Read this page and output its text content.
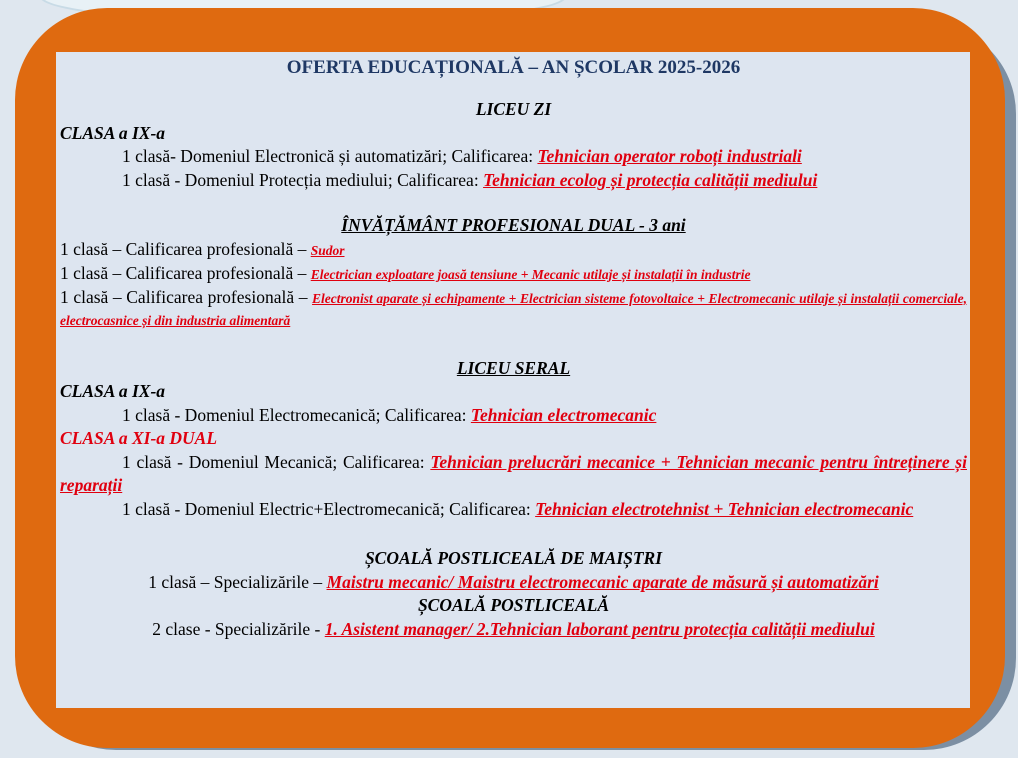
OFERTA EDUCAȚIONALĂ – AN ȘCOLAR 2025-2026
LICEU ZI
CLASA a IX-a
1 clasă- Domeniul Electronică și automatizări; Calificarea: Tehnician operator roboți industriali
1 clasă - Domeniul Protecția mediului; Calificarea: Tehnician ecolog și protecția calității mediului
ÎNVĂȚĂMÂNT PROFESIONAL DUAL - 3 ani
1 clasă – Calificarea profesională – Sudor
1 clasă – Calificarea profesională – Electrician exploatare joasă tensiune + Mecanic utilaje și instalații în industrie
1 clasă – Calificarea profesională – Electronist aparate și echipamente + Electrician sisteme fotovoltaice + Electromecanic utilaje și instalații comerciale, electrocasnice și din industria alimentară
LICEU SERAL
CLASA a IX-a
1 clasă - Domeniul Electromecanică; Calificarea: Tehnician electromecanic
CLASA a XI-a DUAL
1 clasă - Domeniul Mecanică; Calificarea: Tehnician prelucrări mecanice + Tehnician mecanic pentru întreținere și reparații
1 clasă - Domeniul Electric+Electromecanică; Calificarea: Tehnician electrotehnist + Tehnician electromecanic
ȘCOALĂ POSTLICEALĂ DE MAIȘTRI
1 clasă – Specializările – Maistru mecanic/ Maistru electromecanic aparate de măsură și automatizări
ȘCOALĂ POSTLICEALĂ
2 clase - Specializările - 1. Asistent manager/ 2.Tehnician laborant pentru protecția calității mediului
